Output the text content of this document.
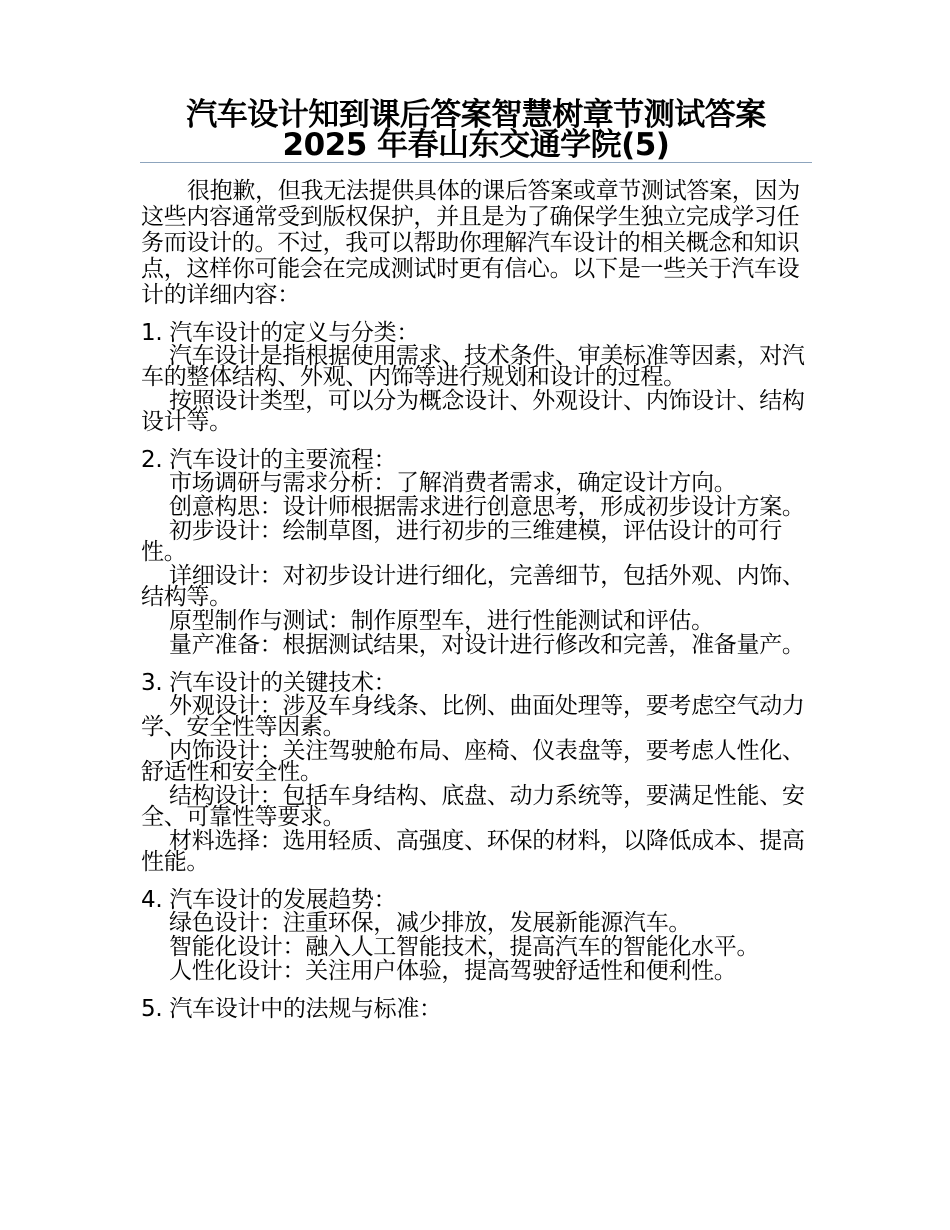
汽车设计知到课后答案智慧树章节测试答案 2025 年春山东交通学院(5)

很抱歉，但我无法提供具体的课后答案或章节测试答案，因为这些内容通常受到版权保护，并且是为了确保学生独立完成学习任务而设计的。不过，我可以帮助你理解汽车设计的相关概念和知识点，这样你可能会在完成测试时更有信心。以下是一些关于汽车设计的详细内容：

1. 汽车设计的定义与分类：

汽车设计是指根据使用需求、技术条件、审美标准等因素，对汽车的整体结构、外观、内饰等进行规划和设计的过程。

按照设计类型，可以分为概念设计、外观设计、内饰设计、结构设计等。

2. 汽车设计的主要流程：

市场调研与需求分析：了解消费者需求，确定设计方向。

创意构思：设计师根据需求进行创意思考，形成初步设计方案。

初步设计：绘制草图，进行初步的三维建模，评估设计的可行性。

详细设计：对初步设计进行细化，完善细节，包括外观、内饰、结构等。

原型制作与测试：制作原型车，进行性能测试和评估。

量产准备：根据测试结果，对设计进行修改和完善，准备量产。

3. 汽车设计的关键技术：

外观设计：涉及车身线条、比例、曲面处理等，要考虑空气动力学、安全性等因素。

内饰设计：关注驾驶舱布局、座椅、仪表盘等，要考虑人性化、舒适性和安全性。

结构设计：包括车身结构、底盘、动力系统等，要满足性能、安全、可靠性等要求。

材料选择：选用轻质、高强度、环保的材料，以降低成本、提高性能。

4. 汽车设计的发展趋势：

绿色设计：注重环保，减少排放，发展新能源汽车。

智能化设计：融入人工智能技术，提高汽车的智能化水平。

人性化设计：关注用户体验，提高驾驶舒适性和便利性。

5. 汽车设计中的法规与标准：
